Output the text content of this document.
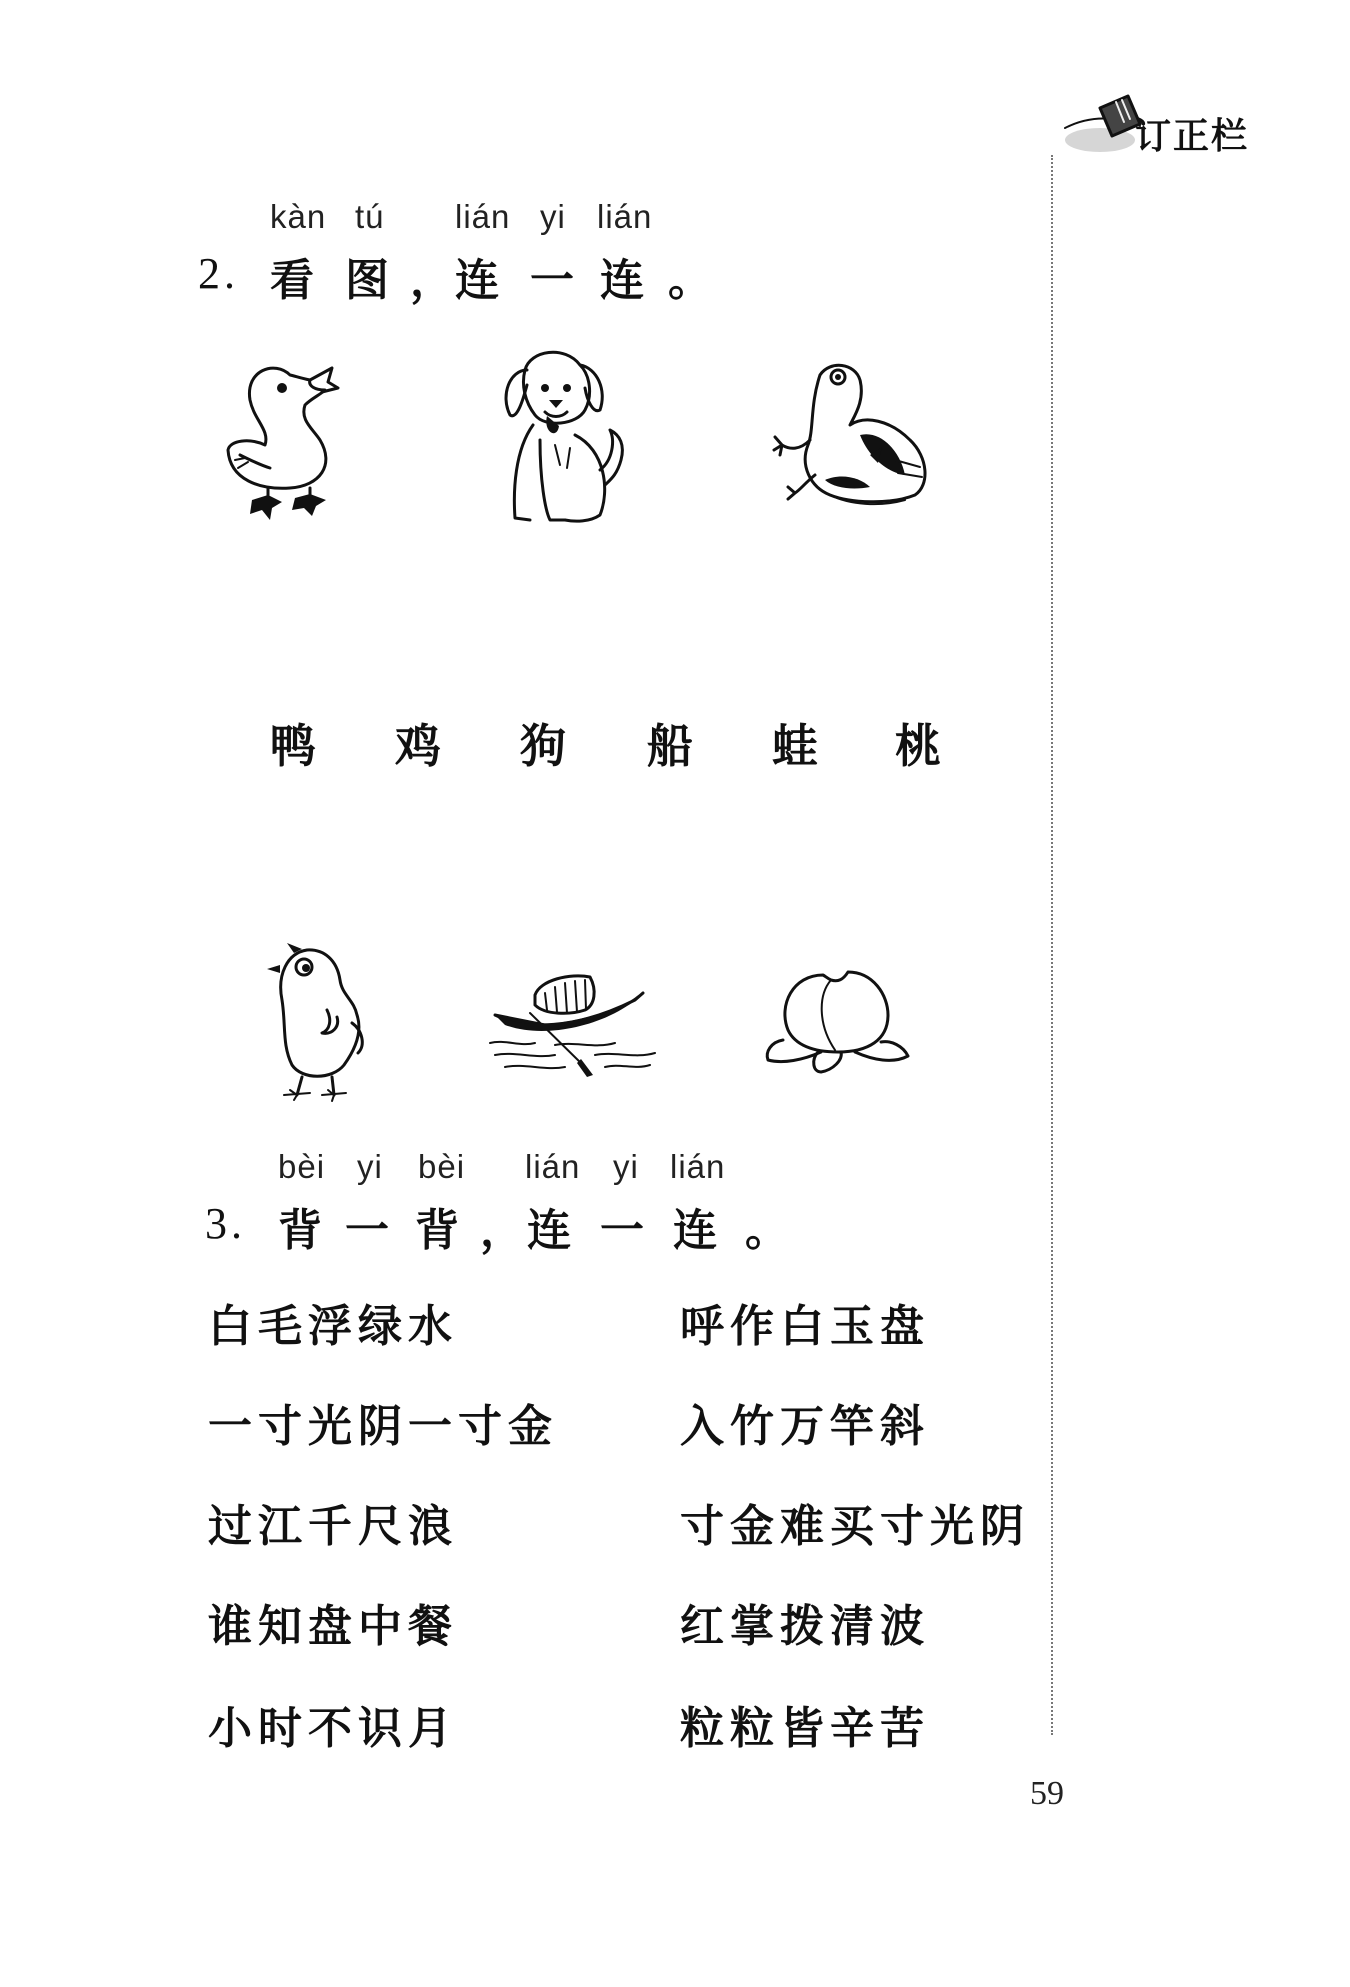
订正栏
kàn tú lián yi lián
2. 看 图 ，
连 一 连 。
鸭 鸡 狗 船 蛙 桃
bèi yi bèi lián yi lián
3. 背 一 背 ， 连 一 连 。
白毛浮绿水
一寸光阴一寸金
过江千尺浪
谁知盘中餐
小时不识月
呼作白玉盘
入竹万竿斜
寸金难买寸光阴
红掌拨清波
粒粒皆辛苦
59
